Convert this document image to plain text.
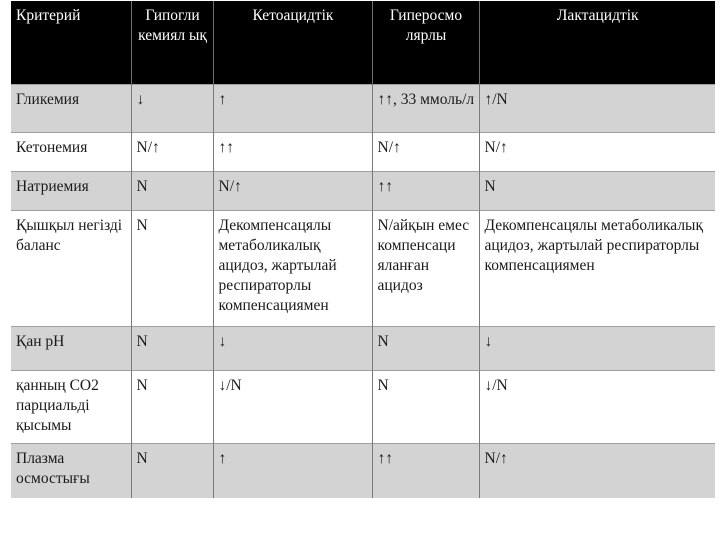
Критерий	Гипогли кемиял ық	Кетоацидтік	Гиперосмо лярлы	Лактацидтік
Гликемия	↓	↑	↑↑, 33 ммоль/л	↑/N
Кетонемия	N/↑	↑↑	N/↑	N/↑
Натриемия	N	N/↑	↑↑	N
Қышқыл негізді баланс	N	Декомпенсацялы метаболикалық ацидоз, жартылай респираторлы компенсациямен	N/айқын емес компенсаци яланған ацидоз	Декомпенсацялы метаболикалық ацидоз, жартылай респираторлы компенсациямен
Қан рН	N	↓	N	↓
қанның СО2 парциальді қысымы	N	↓/N	N	↓/N
Плазма осмостығы	N	↑	↑↑	N/↑
